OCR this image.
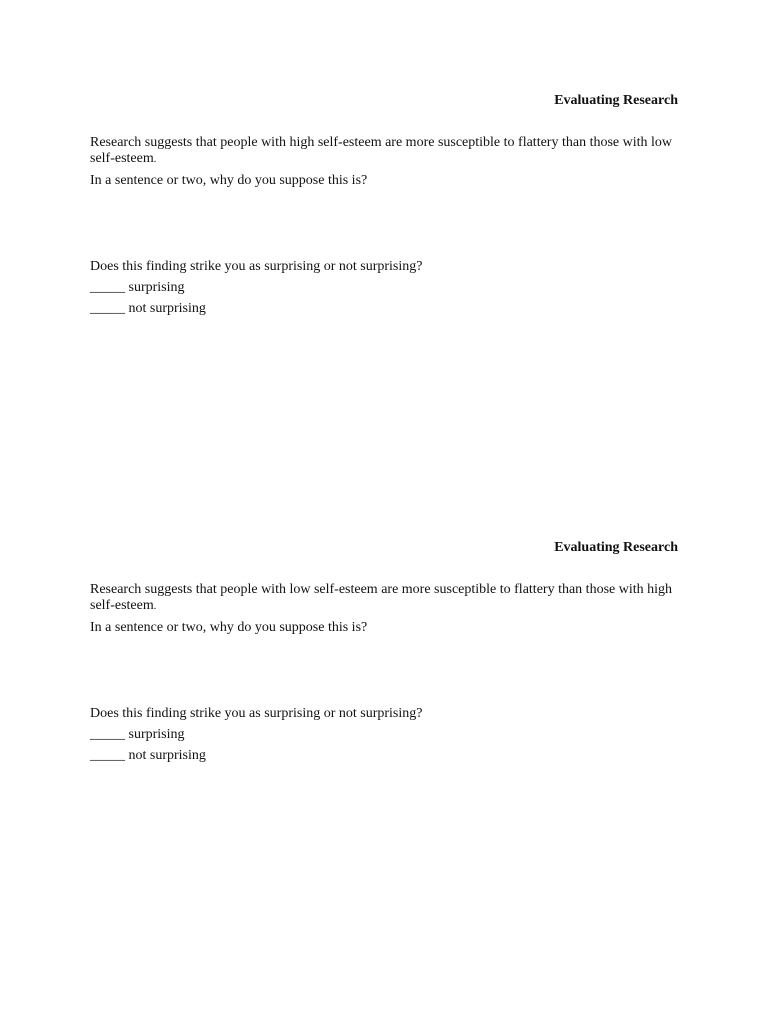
Evaluating Research

Research suggests that people with high self-esteem are more susceptible to flattery than those with low self-esteem.

In a sentence or two, why do you suppose this is?

Does this finding strike you as surprising or not surprising?

_____ surprising

_____ not surprising

Evaluating Research

Research suggests that people with low self-esteem are more susceptible to flattery than those with high self-esteem.

In a sentence or two, why do you suppose this is?

Does this finding strike you as surprising or not surprising?

_____ surprising

_____ not surprising
